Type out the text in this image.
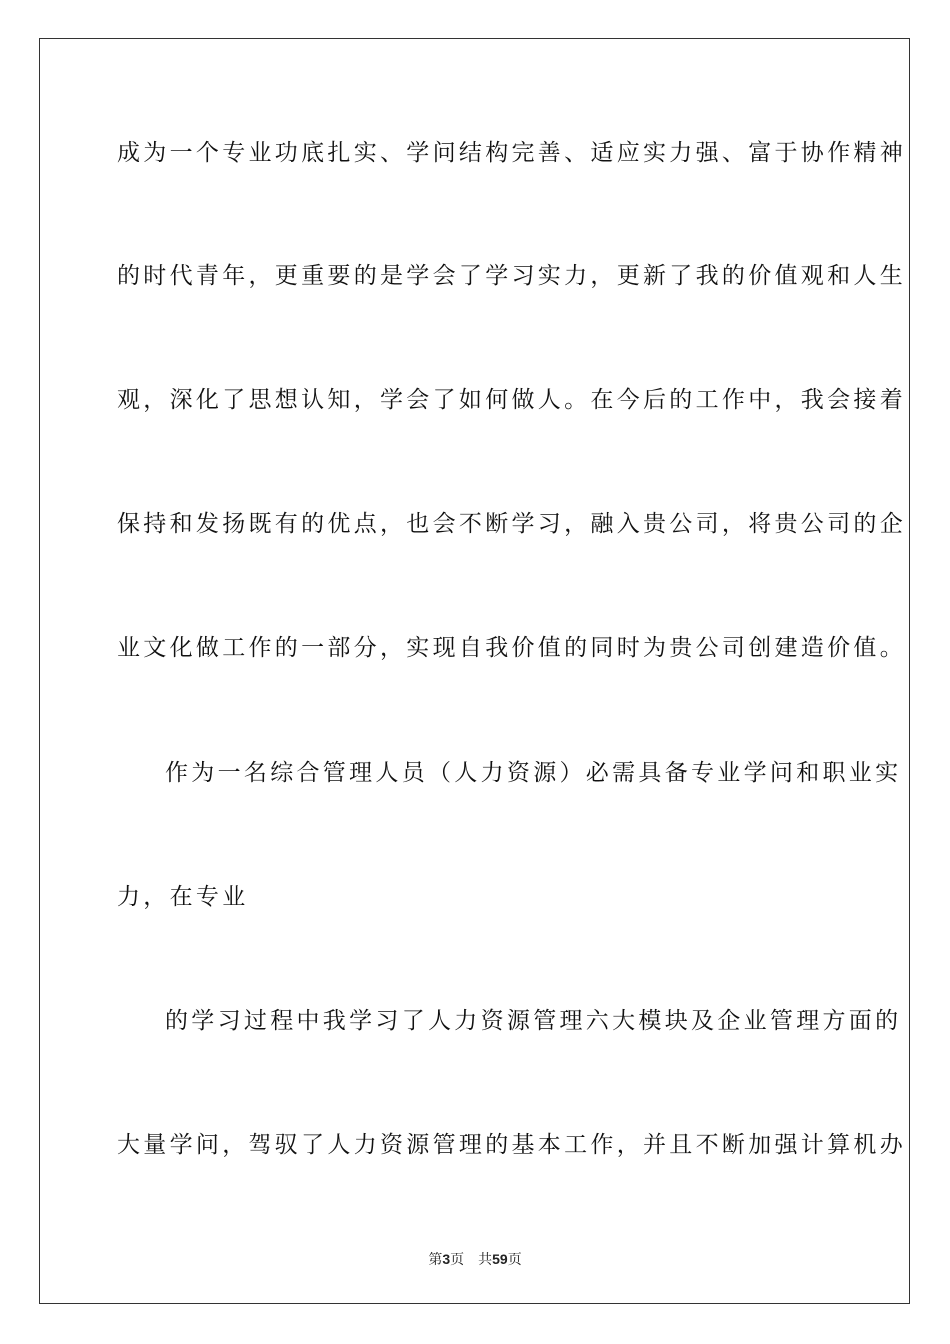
成为一个专业功底扎实、学问结构完善、适应实力强、富于协作精神
的时代青年，更重要的是学会了学习实力，更新了我的价值观和人生
观，深化了思想认知，学会了如何做人。在今后的工作中，我会接着
保持和发扬既有的优点，也会不断学习，融入贵公司，将贵公司的企
业文化做工作的一部分，实现自我价值的同时为贵公司创建造价值。
作为一名综合管理人员（人力资源）必需具备专业学问和职业实
力，在专业
的学习过程中我学习了人力资源管理六大模块及企业管理方面的
大量学问，驾驭了人力资源管理的基本工作，并且不断加强计算机办
第3页 共59页
